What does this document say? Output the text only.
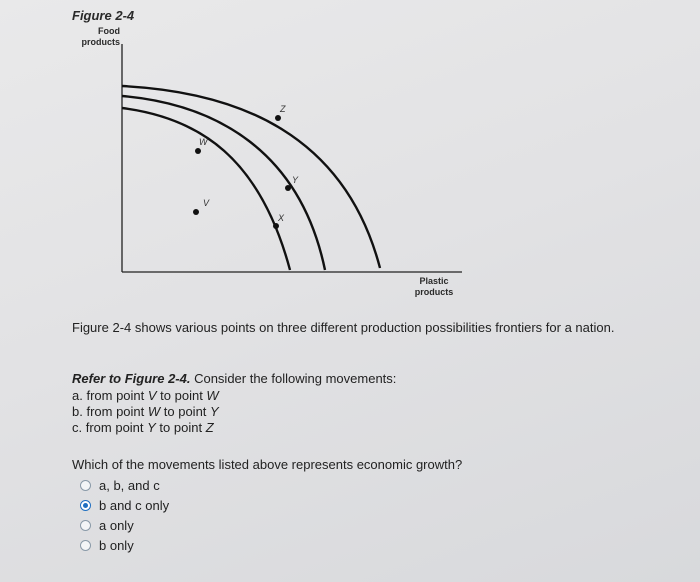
Figure 2-4
Food
products
V
W
X
Y
Z
Plastic
products
Figure 2-4 shows various points on three different production possibilities frontiers for a nation.
Refer to Figure 2-4. Consider the following movements:
a. from point V to point W
b. from point W to point Y
c. from point Y to point Z
Which of the movements listed above represents economic growth?
a, b, and c
b and c only
a only
b only
